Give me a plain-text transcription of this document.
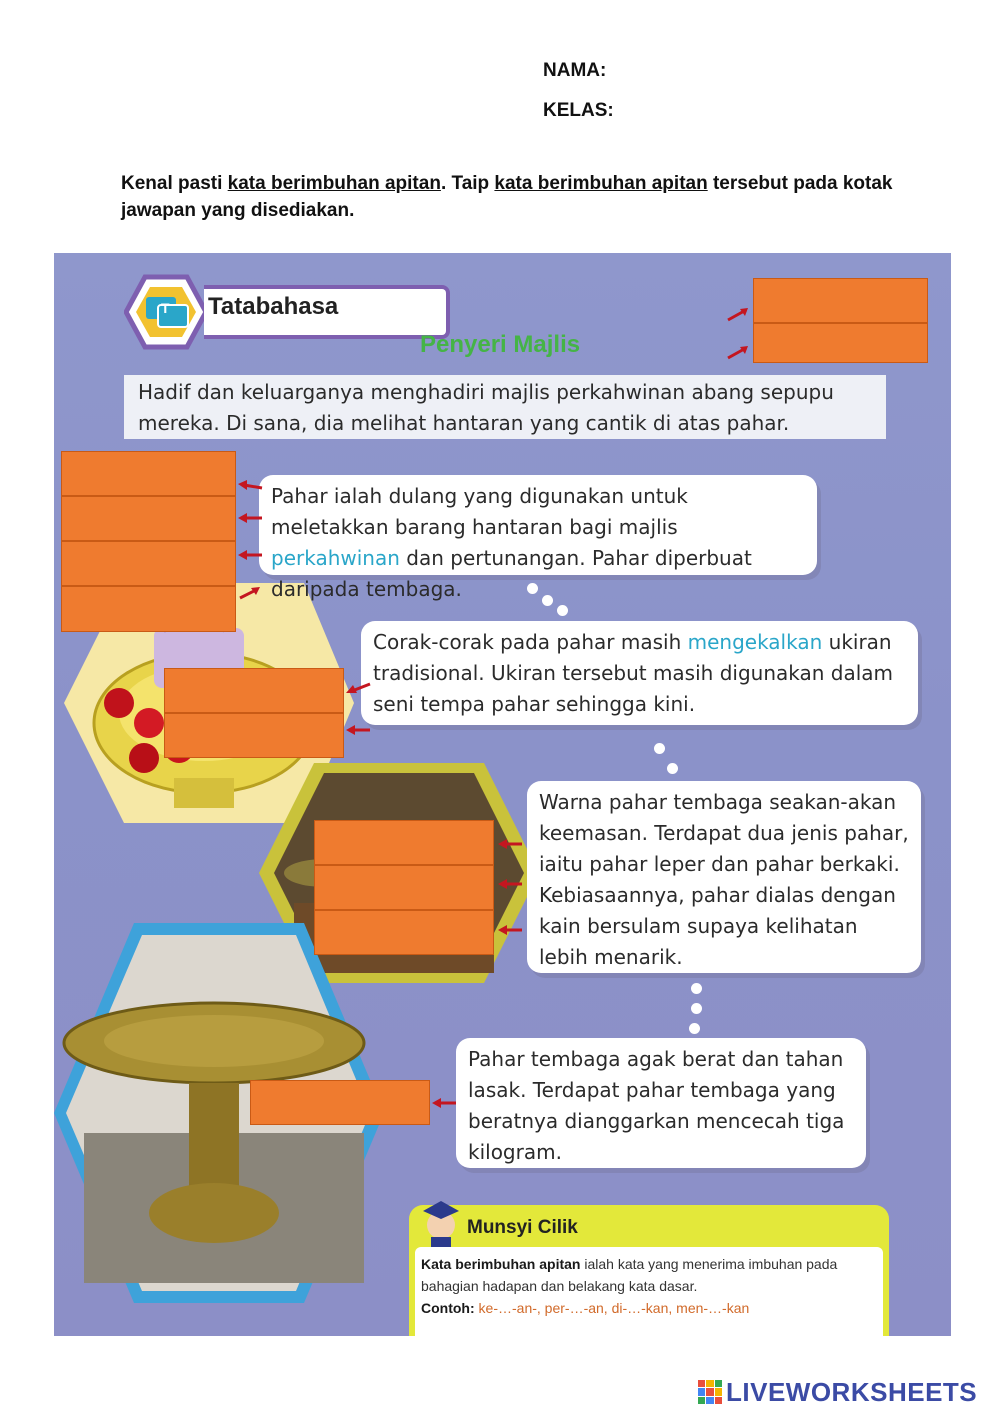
NAMA:
KELAS:
Kenal pasti kata berimbuhan apitan. Taip kata berimbuhan apitan tersebut pada kotak jawapan yang disediakan.
T Tatabahasa
Penyeri Majlis
Hadif dan keluarganya menghadiri majlis perkahwinan abang sepupu mereka. Di sana, dia melihat hantaran yang cantik di atas pahar.
Pahar ialah dulang yang digunakan untuk meletakkan barang hantaran bagi majlis perkahwinan dan pertunangan. Pahar diperbuat daripada tembaga.
Corak-corak pada pahar masih mengekalkan ukiran tradisional. Ukiran tersebut masih digunakan dalam seni tempa pahar sehingga kini.
Warna pahar tembaga seakan-akan keemasan. Terdapat dua jenis pahar, iaitu pahar leper dan pahar berkaki. Kebiasaannya, pahar dialas dengan kain bersulam supaya kelihatan lebih menarik.
Pahar tembaga agak berat dan tahan lasak. Terdapat pahar tembaga yang beratnya dianggarkan mencecah tiga kilogram.
Munsyi Cilik
Kata berimbuhan apitan ialah kata yang menerima imbuhan pada bahagian hadapan dan belakang kata dasar.
Contoh: ke-…-an-, per-…-an, di-…-kan, men-…-kan
LIVEWORKSHEETS
